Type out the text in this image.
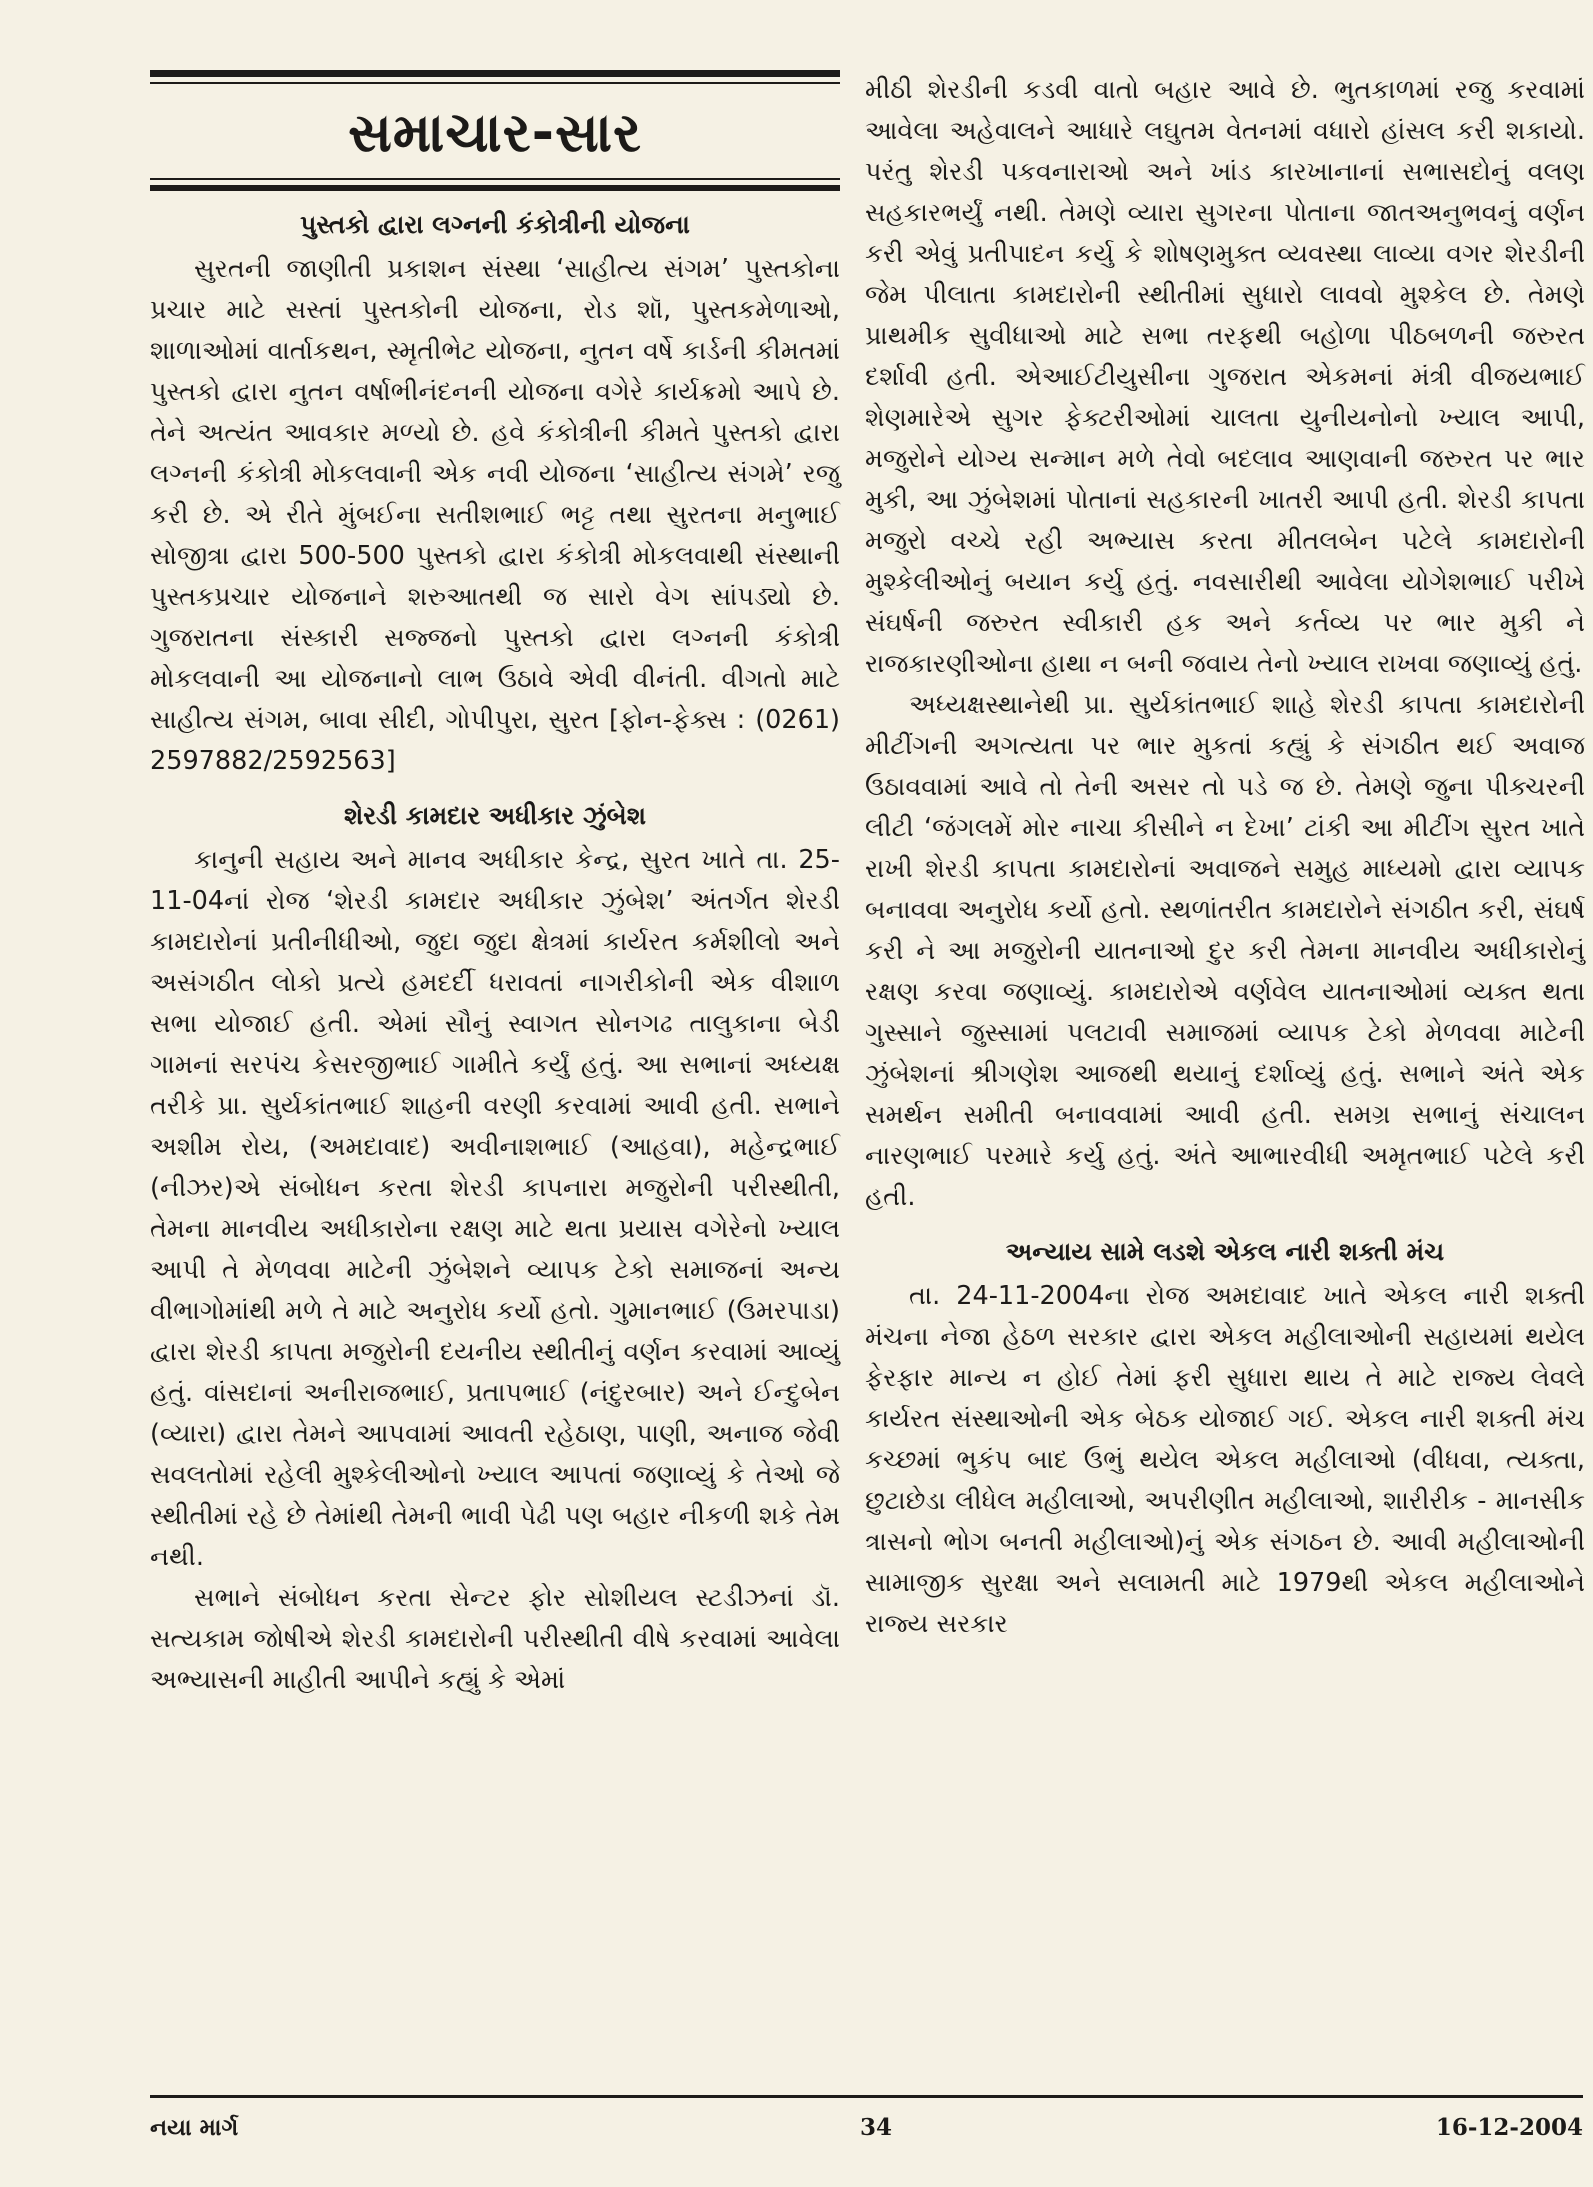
સમાચાર-સાર
પુસ્તકો દ્વારા લગ્નની કંકોત્રીની યોજના

સુરતની જાણીતી પ્રકાશન સંસ્થા ‘સાહીત્ય સંગમ’ પુસ્તકોના પ્રચાર માટે સસ્તાં પુસ્તકોની યોજના, રોડ શૉ, પુસ્તકમેળાઓ, શાળાઓમાં વાર્તાકથન, સ્મૃતીભેટ યોજના, નુતન વર્ષે કાર્ડની કીમતમાં પુસ્તકો દ્વારા નુતન વર્ષાભીનંદનની યોજના વગેરે કાર્યક્રમો આપે છે. તેને અત્યંત આવકાર મળ્યો છે. હવે કંકોત્રીની કીમતે પુસ્તકો દ્વારા લગ્નની કંકોત્રી મોકલવાની એક નવી યોજના ‘સાહીત્ય સંગમે’ રજુ કરી છે. એ રીતે મુંબઈના સતીશભાઈ ભટ્ટ તથા સુરતના મનુભાઈ સોજીત્રા દ્વારા 500-500 પુસ્તકો દ્વારા કંકોત્રી મોકલવાથી સંસ્થાની પુસ્તકપ્રચાર યોજનાને શરુઆતથી જ સારો વેગ સાંપડ્યો છે. ગુજરાતના સંસ્કારી સજ્જનો પુસ્તકો દ્વારા લગ્નની કંકોત્રી મોકલવાની આ યોજનાનો લાભ ઉઠાવે એવી વીનંતી. વીગતો માટે સાહીત્ય સંગમ, બાવા સીદી, ગોપીપુરા, સુરત [ફોન-ફેક્સ : (0261) 2597882/2592563]

શેરડી કામદાર અધીકાર ઝુંબેશ

કાનુની સહાય અને માનવ અધીકાર કેન્દ્ર, સુરત ખાતે તા. 25-11-04નાં રોજ ‘શેરડી કામદાર અધીકાર ઝુંબેશ’ અંતર્ગત શેરડી કામદારોનાં પ્રતીનીધીઓ, જુદા જુદા ક્ષેત્રમાં કાર્યરત કર્મશીલો અને અસંગઠીત લોકો પ્રત્યે હમદર્દી ધરાવતાં નાગરીકોની એક વીશાળ સભા યોજાઈ હતી. એમાં સૌનું સ્વાગત સોનગઢ તાલુકાના બેડી ગામનાં સરપંચ કેસરજીભાઈ ગામીતે કર્યું હતું. આ સભાનાં અધ્યક્ષ તરીકે પ્રા. સુર્યકાંતભાઈ શાહની વરણી કરવામાં આવી હતી. સભાને અશીમ રોય, (અમદાવાદ) અવીનાશભાઈ (આહવા), મહેન્દ્રભાઈ (નીઝર)એ સંબોધન કરતા શેરડી કાપનારા મજુરોની પરીસ્થીતી, તેમના માનવીય અધીકારોના રક્ષણ માટે થતા પ્રયાસ વગેરેનો ખ્યાલ આપી તે મેળવવા માટેની ઝુંબેશને વ્યાપક ટેકો સમાજનાં અન્ય વીભાગોમાંથી મળે તે માટે અનુરોધ કર્યો હતો. ગુમાનભાઈ (ઉમરપાડા) દ્વારા શેરડી કાપતા મજુરોની દયનીય સ્થીતીનું વર્ણન કરવામાં આવ્યું હતું. વાંસદાનાં અનીરાજભાઈ, પ્રતાપભાઈ (નંદુરબાર) અને ઈન્દુબેન (વ્યારા) દ્વારા તેમને આપવામાં આવતી રહેઠાણ, પાણી, અનાજ જેવી સવલતોમાં રહેલી મુશ્કેલીઓનો ખ્યાલ આપતાં જણાવ્યું કે તેઓ જે સ્થીતીમાં રહે છે તેમાંથી તેમની ભાવી પેઢી પણ બહાર નીકળી શકે તેમ નથી.

સભાને સંબોધન કરતા સેન્ટર ફોર સોશીયલ સ્ટડીઝનાં ડૉ. સત્યકામ જોષીએ શેરડી કામદારોની પરીસ્થીતી વીષે કરવામાં આવેલા અભ્યાસની માહીતી આપીને કહ્યું કે એમાં

મીઠી શેરડીની કડવી વાતો બહાર આવે છે. ભુતકાળમાં રજુ કરવામાં આવેલા અહેવાલને આધારે લઘુતમ વેતનમાં વધારો હાંસલ કરી શકાયો. પરંતુ શેરડી પકવનારાઓ અને ખાંડ કારખાનાનાં સભાસદોનું વલણ સહકારભર્યું નથી. તેમણે વ્યારા સુગરના પોતાના જાતઅનુભવનું વર્ણન કરી એવું પ્રતીપાદન કર્યુ કે શોષણમુક્ત વ્યવસ્થા લાવ્યા વગર શેરડીની જેમ પીલાતા કામદારોની સ્થીતીમાં સુધારો લાવવો મુશ્કેલ છે. તેમણે પ્રાથમીક સુવીધાઓ માટે સભા તરફથી બહોળા પીઠબળની જરુરત દર્શાવી હતી. એઆઈટીયુસીના ગુજરાત એકમનાં મંત્રી વીજયભાઈ શેણમારેએ સુગર ફેક્ટરીઓમાં ચાલતા યુનીયનોનો ખ્યાલ આપી, મજુરોને યોગ્ય સન્માન મળે તેવો બદલાવ આણવાની જરુરત પર ભાર મુકી, આ ઝુંબેશમાં પોતાનાં સહકારની ખાતરી આપી હતી. શેરડી કાપતા મજુરો વચ્ચે રહી અભ્યાસ કરતા મીતલબેન પટેલે કામદારોની મુશ્કેલીઓનું બયાન કર્યુ હતું. નવસારીથી આવેલા યોગેશભાઈ પરીખે સંઘર્ષની જરુરત સ્વીકારી હક અને કર્તવ્ય પર ભાર મુકી ને રાજકારણીઓના હાથા ન બની જવાય તેનો ખ્યાલ રાખવા જણાવ્યું હતું.

અધ્યક્ષસ્થાનેથી પ્રા. સુર્યકાંતભાઈ શાહે શેરડી કાપતા કામદારોની મીટીંગની અગત્યતા પર ભાર મુકતાં કહ્યું કે સંગઠીત થઈ અવાજ ઉઠાવવામાં આવે તો તેની અસર તો પડે જ છે. તેમણે જુના પીક્ચરની લીટી ‘જંગલમેં મોર નાચા કીસીને ન દેખા’ ટાંકી આ મીટીંગ સુરત ખાતે રાખી શેરડી કાપતા કામદારોનાં અવાજને સમુહ માધ્યમો દ્વારા વ્યાપક બનાવવા અનુરોધ કર્યો હતો. સ્થળાંતરીત કામદારોને સંગઠીત કરી, સંઘર્ષ કરી ને આ મજુરોની યાતનાઓ દુર કરી તેમના માનવીય અધીકારોનું રક્ષણ કરવા જણાવ્યું. કામદારોએ વર્ણવેલ યાતનાઓમાં વ્યક્ત થતા ગુસ્સાને જુસ્સામાં પલટાવી સમાજમાં વ્યાપક ટેકો મેળવવા માટેની ઝુંબેશનાં શ્રીગણેશ આજથી થયાનું દર્શાવ્યું હતું. સભાને અંતે એક સમર્થન સમીતી બનાવવામાં આવી હતી. સમગ્ર સભાનું સંચાલન નારણભાઈ પરમારે કર્યુ હતું. અંતે આભારવીધી અમૃતભાઈ પટેલે કરી હતી.

અન્યાય સામે લડશે એકલ નારી શક્તી મંચ

તા. 24-11-2004ના રોજ અમદાવાદ ખાતે એકલ નારી શક્તી મંચના નેજા હેઠળ સરકાર દ્વારા એકલ મહીલાઓની સહાયમાં થયેલ ફેરફાર માન્ય ન હોઈ તેમાં ફરી સુધારા થાય તે માટે રાજ્ય લેવલે કાર્યરત સંસ્થાઓની એક બેઠક યોજાઈ ગઈ. એકલ નારી શક્તી મંચ કચ્છમાં ભુકંપ બાદ ઉભું થયેલ એકલ મહીલાઓ (વીધવા, ત્યક્તા, છુટાછેડા લીધેલ મહીલાઓ, અપરીણીત મહીલાઓ, શારીરીક - માનસીક ત્રાસનો ભોગ બનતી મહીલાઓ)નું એક સંગઠન છે. આવી મહીલાઓની સામાજીક સુરક્ષા અને સલામતી માટે 1979થી એકલ મહીલાઓને રાજ્ય સરકાર

નયા માર્ગ	34	16-12-2004
